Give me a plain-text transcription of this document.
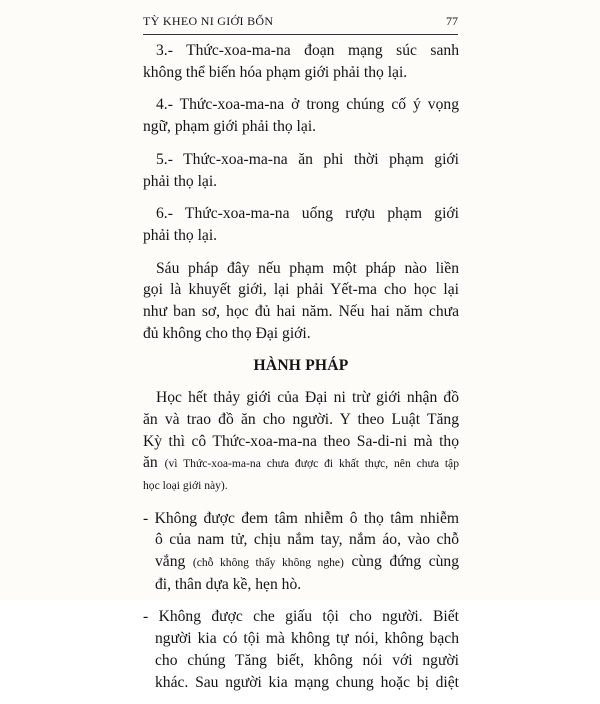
TỲ KHEO NI GIỚI BỔN	77
3.- Thức-xoa-ma-na đoạn mạng súc sanh
không thể biến hóa phạm giới phải thọ lại.
4.- Thức-xoa-ma-na ở trong chúng cố ý vọng
ngữ, phạm giới phải thọ lại.
5.- Thức-xoa-ma-na ăn phi thời phạm giới
phải thọ lại.
6.- Thức-xoa-ma-na uống rượu phạm giới
phải thọ lại.
Sáu pháp đây nếu phạm một pháp nào liền
gọi là khuyết giới, lại phải Yết-ma cho học lại
như ban sơ, học đủ hai năm. Nếu hai năm chưa
đủ không cho thọ Đại giới.
HÀNH PHÁP
Học hết thảy giới của Đại ni trừ giới nhận đồ
ăn và trao đồ ăn cho người. Y theo Luật Tăng
Kỳ thì cô Thức-xoa-ma-na theo Sa-di-ni mà thọ
ăn (vì Thức-xoa-ma-na chưa được đi khất thực, nên chưa tập
học loại giới này).
- Không được đem tâm nhiễm ô thọ tâm nhiễm
ô của nam tử, chịu nắm tay, nắm áo, vào chỗ
vắng (chỗ không thấy không nghe) cùng đứng cùng
đi, thân dựa kề, hẹn hò.
- Không được che giấu tội cho người. Biết
người kia có tội mà không tự nói, không bạch
cho chúng Tăng biết, không nói với người
khác. Sau người kia mạng chung hoặc bị diệt
